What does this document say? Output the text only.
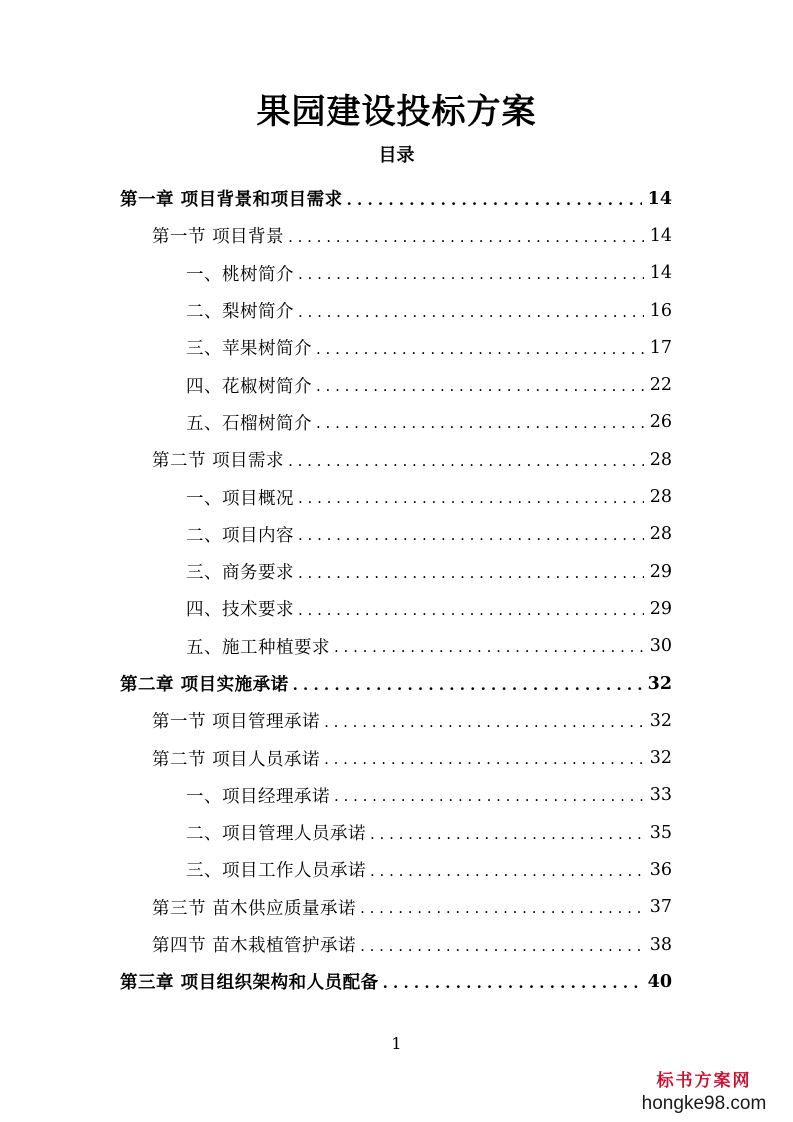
果园建设投标方案
目录
第一章 项目背景和项目需求 . . .	14
第一节 项目背景 . . .	14
一、桃树简介 . . .	14
二、梨树简介 . . .	16
三、苹果树简介 . . .	17
四、花椒树简介 . . .	22
五、石榴树简介 . . .	26
第二节 项目需求 . . .	28
一、项目概况 . . .	28
二、项目内容 . . .	28
三、商务要求 . . .	29
四、技术要求 . . .	29
五、施工种植要求 . . .	30
第二章 项目实施承诺 . . .	32
第一节 项目管理承诺 . . .	32
第二节 项目人员承诺 . . .	32
一、项目经理承诺 . . .	33
二、项目管理人员承诺 . . .	35
三、项目工作人员承诺 . . .	36
第三节 苗木供应质量承诺 . . .	37
第四节 苗木栽植管护承诺 . . .	38
第三章 项目组织架构和人员配备 . . .	40
1
标书方案网
hongke98.com
